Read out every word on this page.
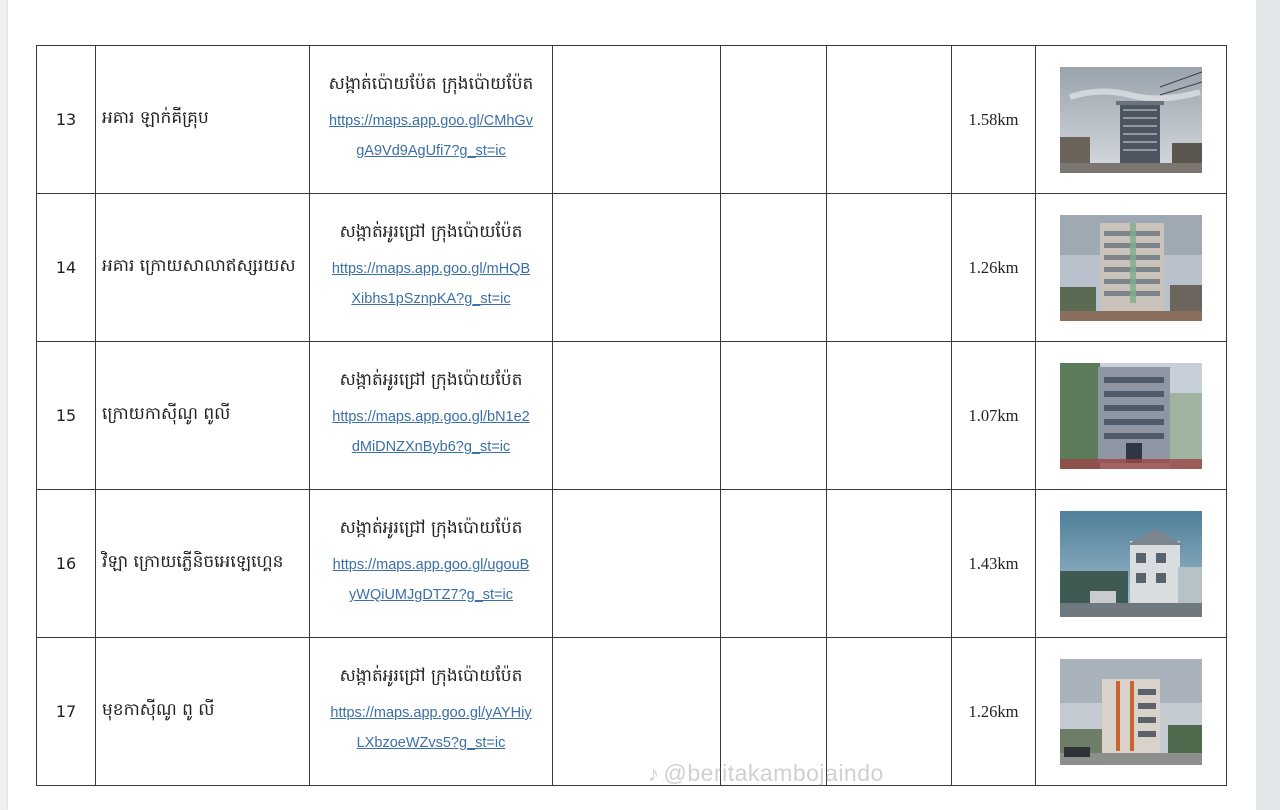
13	អគារ ឡាក់គីគ្រុប	សង្កាត់ប៉ោយប៉ែត ក្រុងប៉ោយប៉ែត
https://maps.app.goo.gl/CMhGv
gA9Vd9AgUfi7?g_st=ic				1.58km	
14	អគារ ក្រោយសាលាឥស្សរយស	សង្កាត់អូរជ្រៅ ក្រុងប៉ោយប៉ែត
https://maps.app.goo.gl/mHQB
Xibhs1pSznpKA?g_st=ic				1.26km	
15	ក្រោយកាស៊ីណូ ពូលី	សង្កាត់អូរជ្រៅ ក្រុងប៉ោយប៉ែត
https://maps.app.goo.gl/bN1e2
dMiDNZXnByb6?g_st=ic				1.07km	
16	វិឡា ក្រោយភ្លើនិចអេឡេហ្គេន	សង្កាត់អូរជ្រៅ ក្រុងប៉ោយប៉ែត
https://maps.app.goo.gl/ugouB
yWQiUMJgDTZ7?g_st=ic				1.43km	
17	មុខកាស៊ីណូ ពូ លី	សង្កាត់អូរជ្រៅ ក្រុងប៉ោយប៉ែត
https://maps.app.goo.gl/yAYHiy
LXbzoeWZvs5?g_st=ic				1.26km	
♪ @beritakambojaindo
